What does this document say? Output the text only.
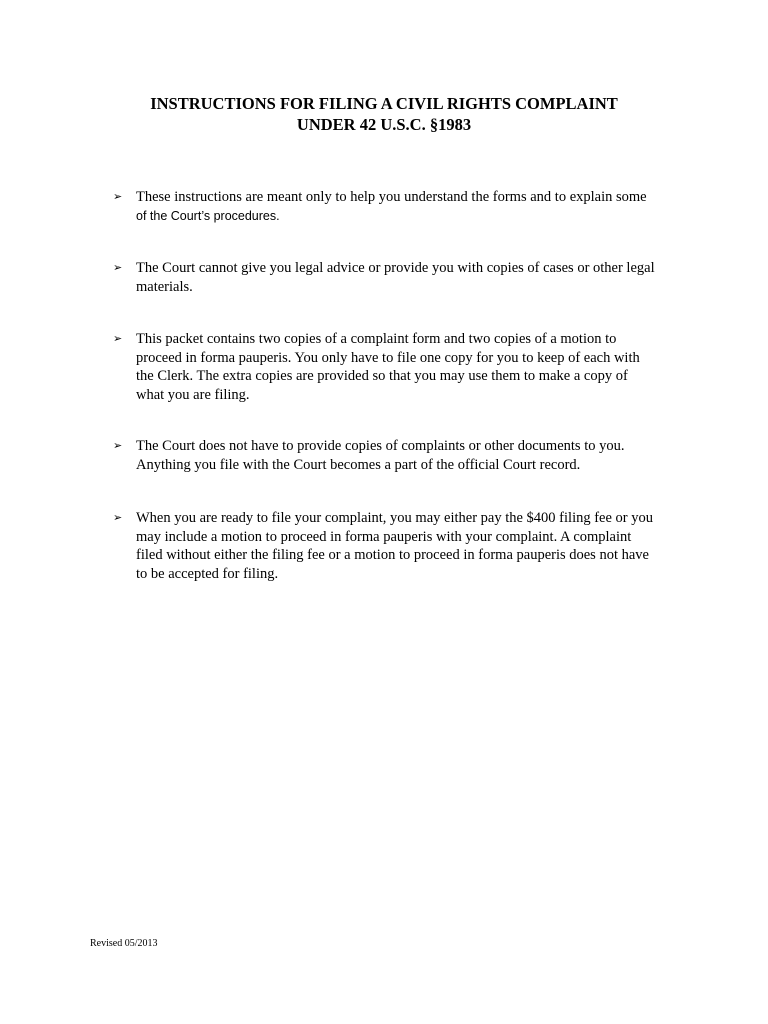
INSTRUCTIONS FOR FILING A CIVIL RIGHTS COMPLAINT
UNDER 42 U.S.C. §1983
➢ These instructions are meant only to help you understand the forms and to explain some
of the Court’s procedures.
➢ The Court cannot give you legal advice or provide you with copies of cases or other legal
materials.
➢ This packet contains two copies of a complaint form and two copies of a motion to
proceed in forma pauperis. You only have to file one copy for you to keep of each with
the Clerk. The extra copies are provided so that you may use them to make a copy of
what you are filing.
➢ The Court does not have to provide copies of complaints or other documents to you.
Anything you file with the Court becomes a part of the official Court record.
➢ When you are ready to file your complaint, you may either pay the $400 filing fee or you
may include a motion to proceed in forma pauperis with your complaint. A complaint
filed without either the filing fee or a motion to proceed in forma pauperis does not have
to be accepted for filing.
Revised 05/2013
